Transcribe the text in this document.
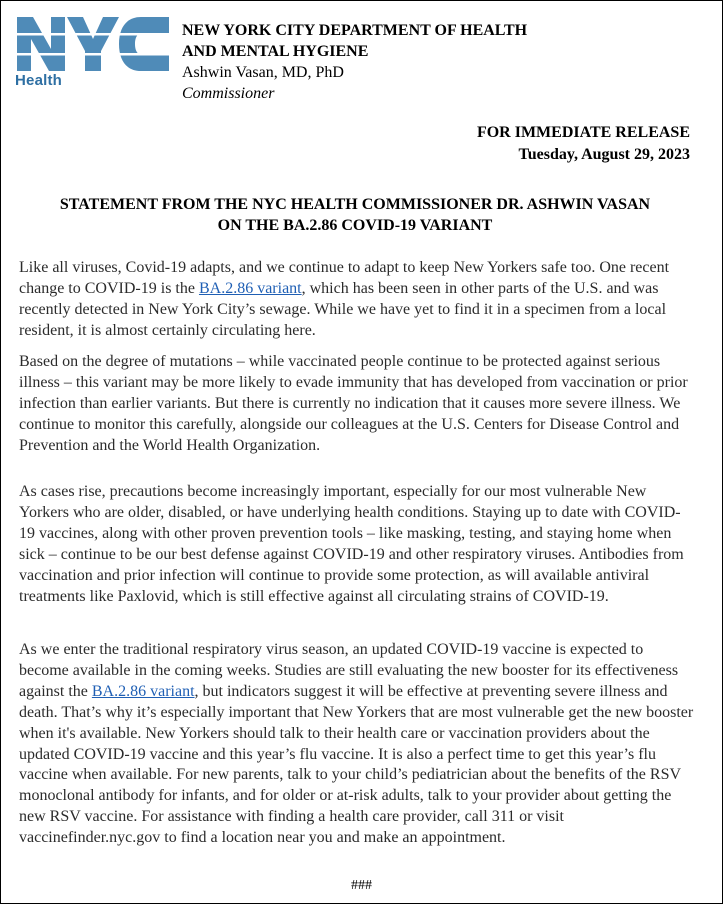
Health
NEW YORK CITY DEPARTMENT OF HEALTH
AND MENTAL HYGIENE
Ashwin Vasan, MD, PhD
Commissioner
FOR IMMEDIATE RELEASE
Tuesday, August 29, 2023
STATEMENT FROM THE NYC HEALTH COMMISSIONER DR. ASHWIN VASAN
ON THE BA.2.86 COVID-19 VARIANT

Like all viruses, Covid-19 adapts, and we continue to adapt to keep New Yorkers safe too. One recent change to COVID-19 is the BA.2.86 variant, which has been seen in other parts of the U.S. and was recently detected in New York City’s sewage. While we have yet to find it in a specimen from a local resident, it is almost certainly circulating here.

Based on the degree of mutations – while vaccinated people continue to be protected against serious illness – this variant may be more likely to evade immunity that has developed from vaccination or prior infection than earlier variants. But there is currently no indication that it causes more severe illness. We continue to monitor this carefully, alongside our colleagues at the U.S. Centers for Disease Control and Prevention and the World Health Organization.

As cases rise, precautions become increasingly important, especially for our most vulnerable New Yorkers who are older, disabled, or have underlying health conditions. Staying up to date with COVID-19 vaccines, along with other proven prevention tools – like masking, testing, and staying home when sick – continue to be our best defense against COVID-19 and other respiratory viruses. Antibodies from vaccination and prior infection will continue to provide some protection, as will available antiviral treatments like Paxlovid, which is still effective against all circulating strains of COVID-19.

As we enter the traditional respiratory virus season, an updated COVID-19 vaccine is expected to become available in the coming weeks. Studies are still evaluating the new booster for its effectiveness against the BA.2.86 variant, but indicators suggest it will be effective at preventing severe illness and death. That’s why it’s especially important that New Yorkers that are most vulnerable get the new booster when it's available. New Yorkers should talk to their health care or vaccination providers about the updated COVID-19 vaccine and this year’s flu vaccine. It is also a perfect time to get this year’s flu vaccine when available. For new parents, talk to your child’s pediatrician about the benefits of the RSV monoclonal antibody for infants, and for older or at-risk adults, talk to your provider about getting the new RSV vaccine. For assistance with finding a health care provider, call 311 or visit vaccinefinder.nyc.gov to find a location near you and make an appointment.

###
